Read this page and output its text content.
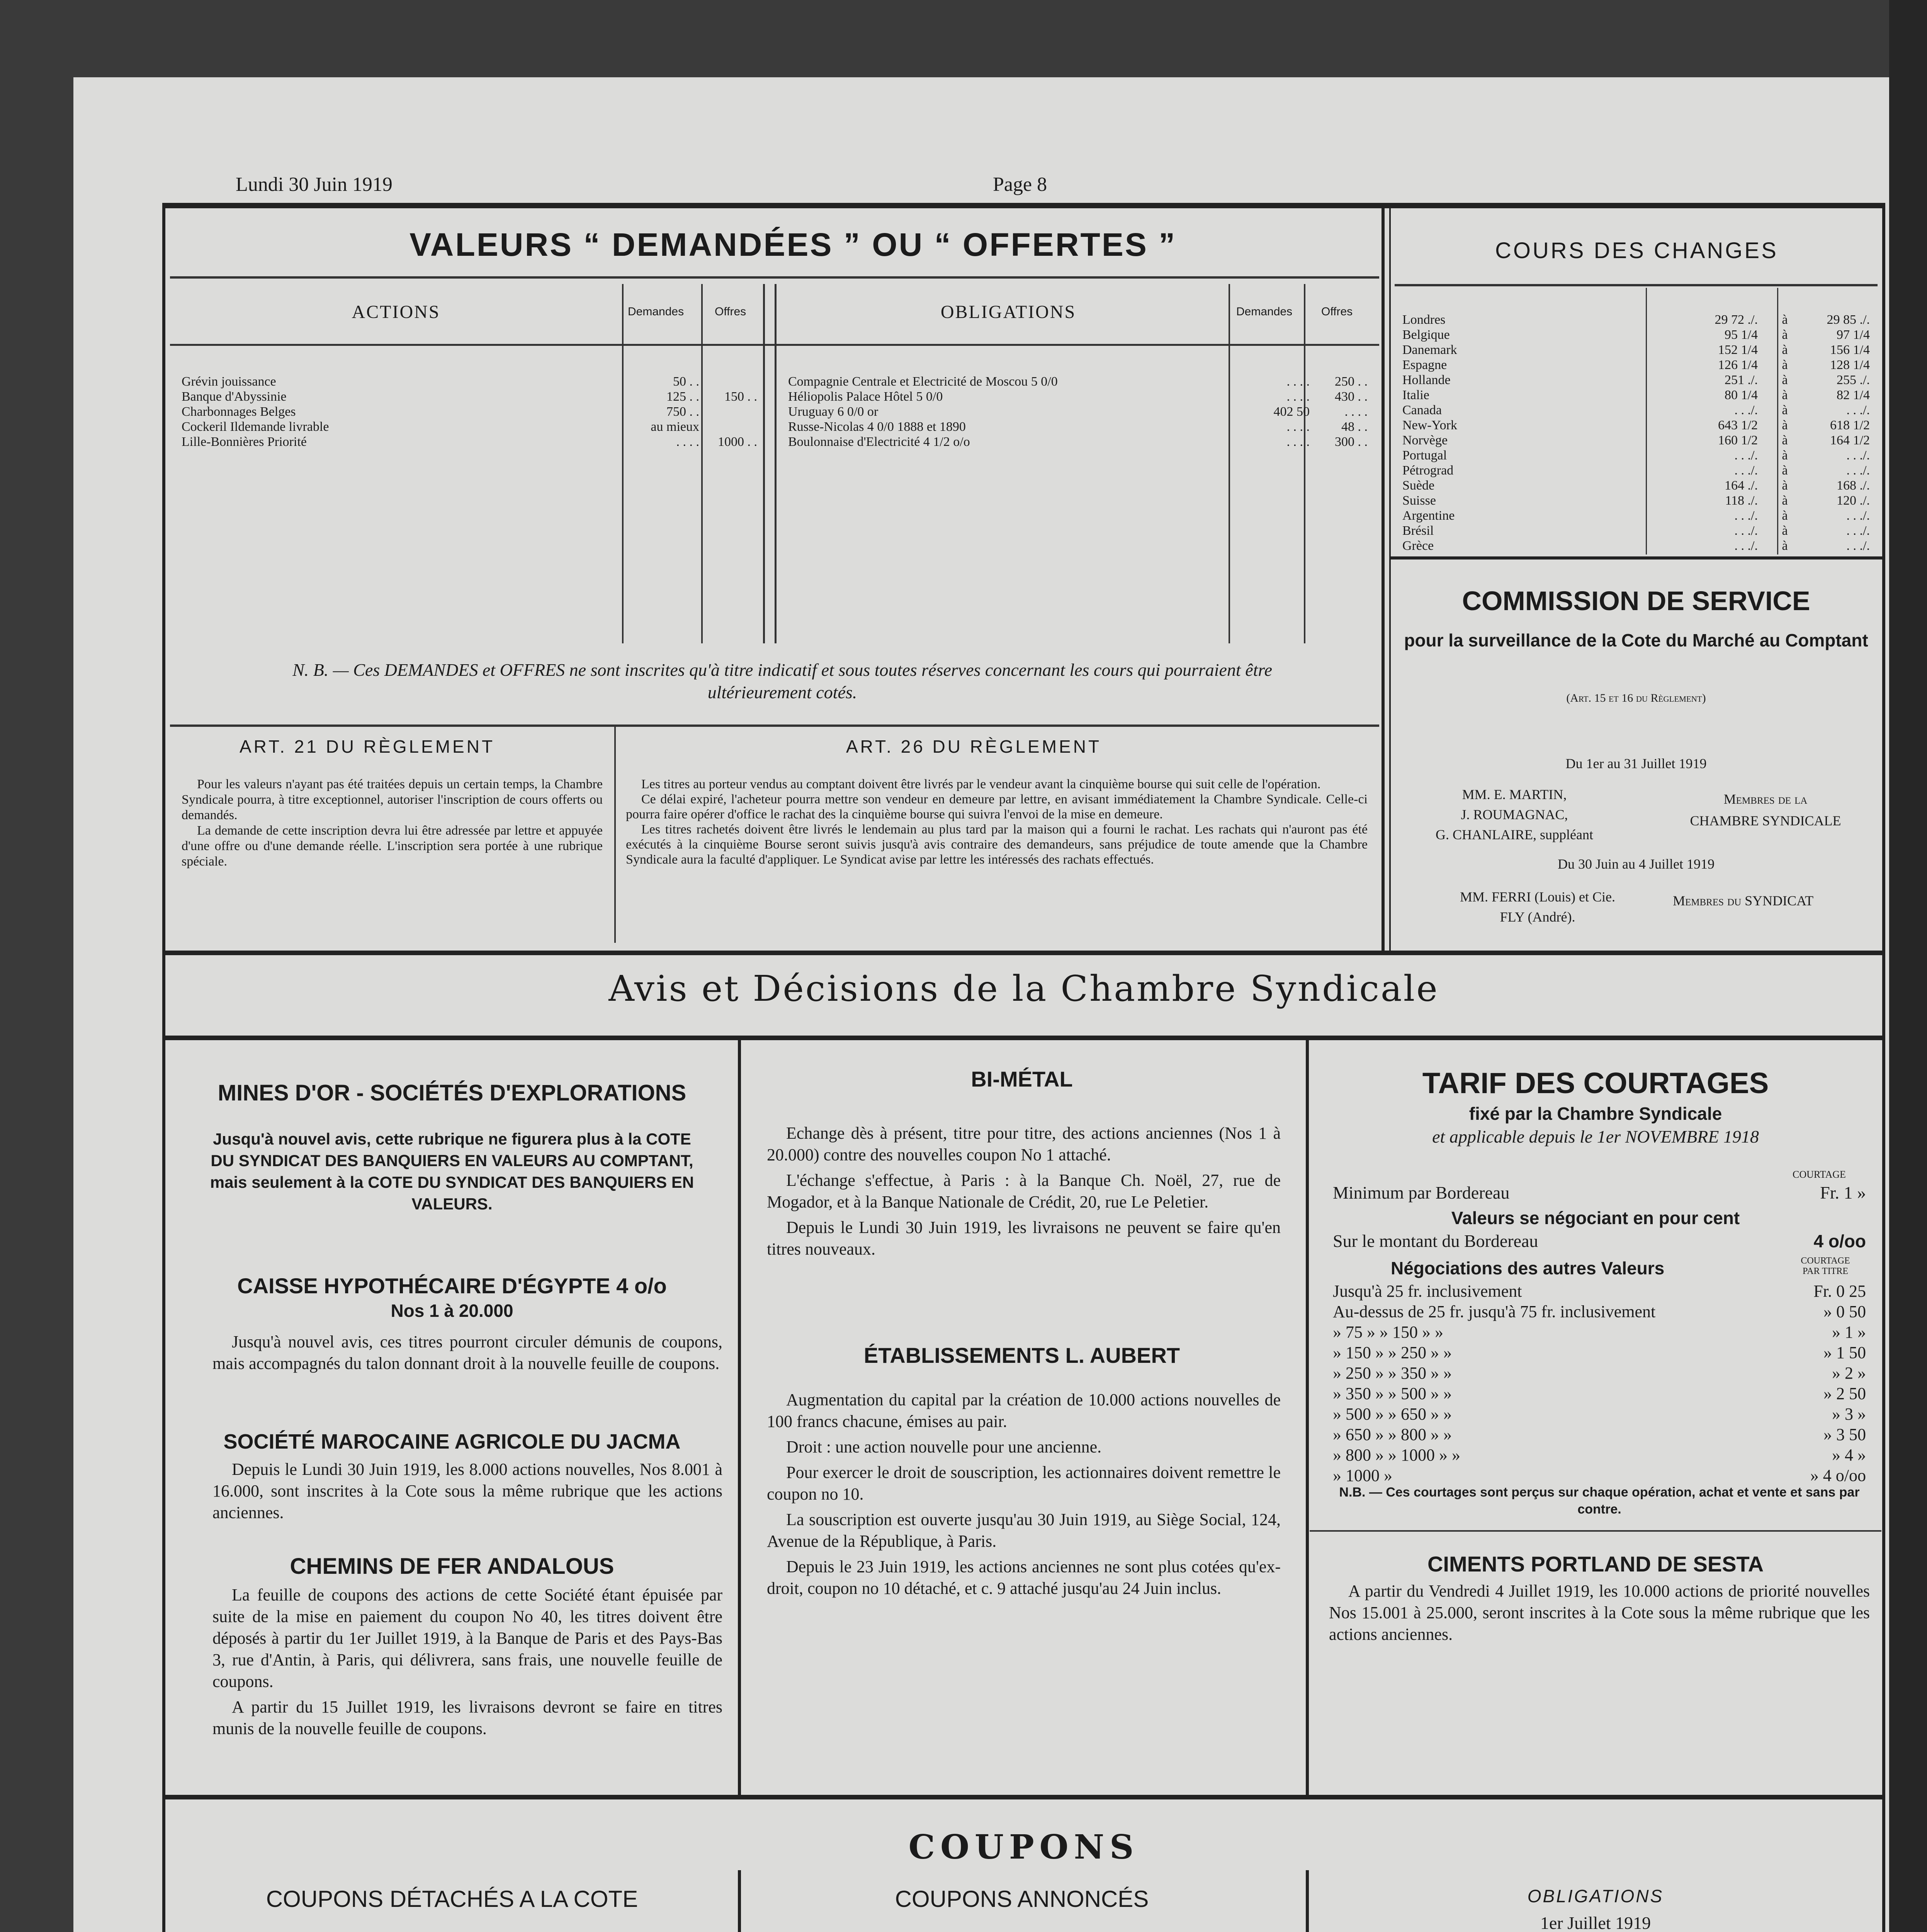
Lundi 30 Juin 1919	Page 8
VALEURS “ DEMANDÉES ” OU “ OFFERTES ”
ACTIONS	Demandes	Offres	OBLIGATIONS	Demandes Offres
Grévin jouissance	50 . .
Banque d'Abyssinie	125 . .	150 . .
Charbonnages Belges	750 . .
Cockeril Ildemande livrable	au mieux
Lille-Bonnières Priorité	. . . .	1000 . .
Compagnie Centrale et Electricité de Moscou 5 0/0	. . . .	250 . .
Héliopolis Palace Hôtel 5 0/0	. . . .	430 . .
Uruguay 6 0/0 or	402 50	. . . .
Russe-Nicolas 4 0/0 1888 et 1890	. . . .	48 . .
Boulonnaise d'Electricité 4 1/2 o/o	. . . .	300 . .
N. B. — Ces DEMANDES et OFFRES ne sont inscrites qu'à titre indicatif et sous toutes réserves concernant les cours qui pourraient être ultérieurement cotés.
ART. 21 DU RÈGLEMENT
Pour les valeurs n'ayant pas été traitées depuis un certain temps, la Chambre Syndicale pourra, à titre exceptionnel, autoriser l'inscription de cours offerts ou demandés.
La demande de cette inscription devra lui être adressée par lettre et appuyée d'une offre ou d'une demande réelle. L'inscription sera portée à une rubrique spéciale.
ART. 26 DU RÈGLEMENT
Les titres au porteur vendus au comptant doivent être livrés par le vendeur avant la cinquième bourse qui suit celle de l'opération.
Ce délai expiré, l'acheteur pourra mettre son vendeur en demeure par lettre, en avisant immédiatement la Chambre Syndicale. Celle-ci pourra faire opérer d'office le rachat des la cinquième bourse qui suivra l'envoi de la mise en demeure.
Les titres rachetés doivent être livrés le lendemain au plus tard par la maison qui a fourni le rachat. Les rachats qui n'auront pas été exécutés à la cinquième Bourse seront suivis jusqu'à avis contraire des demandeurs, sans préjudice de toute amende que la Chambre Syndicale aura la faculté d'appliquer. Le Syndicat avise par lettre les intéressés des rachats effectués.
COURS DES CHANGES
Londres	29 72 ./.	à	29 85 ./.
Belgique	95 1/4	à	97 1/4
Danemark	152 1/4	à	156 1/4
Espagne	126 1/4	à	128 1/4
Hollande	251 ./.	à	255 ./.
Italie	80 1/4	à	82 1/4
Canada	. . ./.	à	. . ./.
New-York	643 1/2	à	618 1/2
Norvège	160 1/2	à	164 1/2
Portugal	. . ./.	à	. . ./.
Pétrograd	. . ./.	à	. . ./.
Suède	164 ./.	à	168 ./.
Suisse	118 ./.	à	120 ./.
Argentine	. . ./.	à	. . ./.
Brésil	. . ./.	à	. . ./.
Grèce	. . ./.	à	. . ./.
COMMISSION DE SERVICE
pour la surveillance de la Cote du Marché au Comptant
(Art. 15 et 16 du Règlement)
Du 1er au 31 Juillet 1919
MM. E. MARTIN,
J. ROUMAGNAC,
G. CHANLAIRE, suppléant
Membres de la
CHAMBRE SYNDICALE
Du 30 Juin au 4 Juillet 1919
MM. FERRI (Louis) et Cie.
FLY (André).
Membres du SYNDICAT
Avis et Décisions de la Chambre Syndicale
MINES D'OR - SOCIÉTÉS D'EXPLORATIONS
Jusqu'à nouvel avis, cette rubrique ne figurera plus à la COTE DU SYNDICAT DES BANQUIERS EN VALEURS AU COMPTANT, mais seulement à la COTE DU SYNDICAT DES BANQUIERS EN VALEURS.
CAISSE HYPOTHÉCAIRE D'ÉGYPTE 4 o/o
Nos 1 à 20.000

Jusqu'à nouvel avis, ces titres pourront circuler démunis de coupons, mais accompagnés du talon donnant droit à la nouvelle feuille de coupons.

SOCIÉTÉ MAROCAINE AGRICOLE DU JACMA

Depuis le Lundi 30 Juin 1919, les 8.000 actions nouvelles, Nos 8.001 à 16.000, sont inscrites à la Cote sous la même rubrique que les actions anciennes.

CHEMINS DE FER ANDALOUS

La feuille de coupons des actions de cette Société étant épuisée par suite de la mise en paiement du coupon No 40, les titres doivent être déposés à partir du 1er Juillet 1919, à la Banque de Paris et des Pays-Bas 3, rue d'Antin, à Paris, qui délivrera, sans frais, une nouvelle feuille de coupons.

A partir du 15 Juillet 1919, les livraisons devront se faire en titres munis de la nouvelle feuille de coupons.

BI-MÉTAL

Echange dès à présent, titre pour titre, des actions anciennes (Nos 1 à 20.000) contre des nouvelles coupon No 1 attaché.

L'échange s'effectue, à Paris : à la Banque Ch. Noël, 27, rue de Mogador, et à la Banque Nationale de Crédit, 20, rue Le Peletier.

Depuis le Lundi 30 Juin 1919, les livraisons ne peuvent se faire qu'en titres nouveaux.

ÉTABLISSEMENTS L. AUBERT

Augmentation du capital par la création de 10.000 actions nouvelles de 100 francs chacune, émises au pair.

Droit : une action nouvelle pour une ancienne.

Pour exercer le droit de souscription, les actionnaires doivent remettre le coupon no 10.

La souscription est ouverte jusqu'au 30 Juin 1919, au Siège Social, 124, Avenue de la République, à Paris.

Depuis le 23 Juin 1919, les actions anciennes ne sont plus cotées qu'ex-droit, coupon no 10 détaché, et c. 9 attaché jusqu'au 24 Juin inclus.

TARIF DES COURTAGES
fixé par la Chambre Syndicale
et applicable depuis le 1er NOVEMBRE 1918
COURTAGE
Minimum par Bordereau	Fr. 1 »
Valeurs se négociant en pour cent
Sur le montant du Bordereau	4 o/oo
Négociations des autres Valeurs	COURTAGE PAR TITRE
Jusqu'à 25 fr. inclusivement	Fr. 0 25
Au-dessus de 25 fr. jusqu'à 75 fr. inclusivement	» 0 50
» 75 » » 150 » »	» 1 »
» 150 » » 250 » »	» 1 50
» 250 » » 350 » »	» 2 »
» 350 » » 500 » »	» 2 50
» 500 » » 650 » »	» 3 »
» 650 » » 800 » »	» 3 50
» 800 » » 1000 » »	» 4 »
» 1000 »	» 4 o/oo
N.B. — Ces courtages sont perçus sur chaque opération, achat et vente et sans par contre.
CIMENTS PORTLAND DE SESTA

A partir du Vendredi 4 Juillet 1919, les 10.000 actions de priorité nouvelles Nos 15.001 à 25.000, seront inscrites à la Cote sous la même rubrique que les actions anciennes.

COUPONS
COUPONS DÉTACHÉS A LA COTE	COUPONS ANNONCÉS	OBLIGATIONS
1er Juillet 1919
